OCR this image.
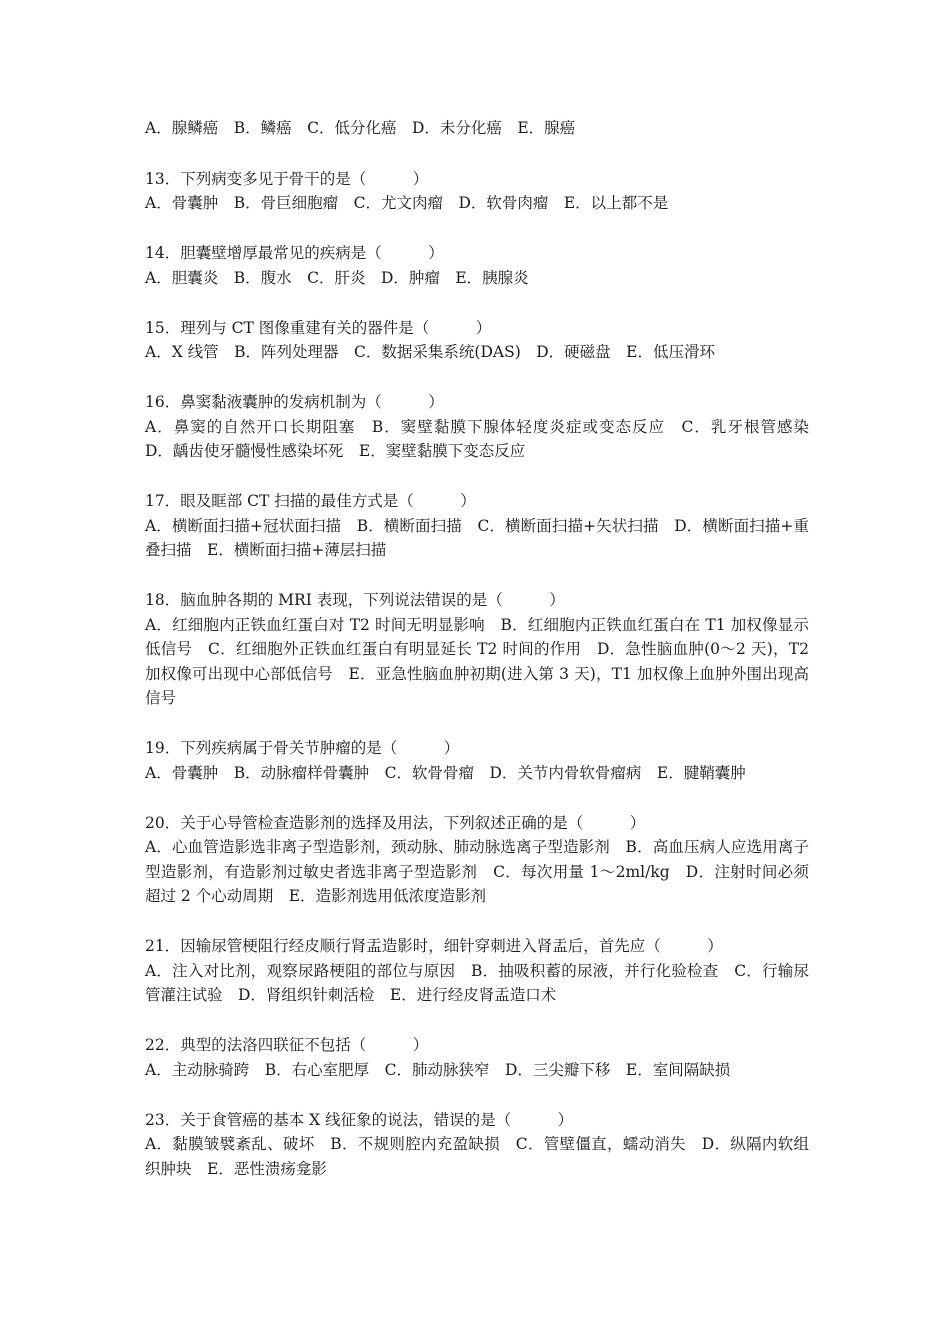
A．腺鳞癌　B．鳞癌　C．低分化癌　D．未分化癌　E．腺癌

13．下列病变多见于骨干的是（　　　）

A．骨囊肿　B．骨巨细胞瘤　C．尤文肉瘤　D．软骨肉瘤　E．以上都不是

14．胆囊壁增厚最常见的疾病是（　　　）

A．胆囊炎　B．腹水　C．肝炎　D．肿瘤　E．胰腺炎

15．理列与 CT 图像重建有关的器件是（　　　）

A．X 线管　B．阵列处理器　C．数据采集系统(DAS)　D．硬磁盘　E．低压滑环

16．鼻窦黏液囊肿的发病机制为（　　　）

A．鼻窦的自然开口长期阻塞　B．窦壁黏膜下腺体轻度炎症或变态反应　C．乳牙根管感染　D．龋齿使牙髓慢性感染坏死　E．窦壁黏膜下变态反应

17．眼及眶部 CT 扫描的最佳方式是（　　　）

A．横断面扫描+冠状面扫描　B．横断面扫描　C．横断面扫描+矢状扫描　D．横断面扫描+重叠扫描　E．横断面扫描+薄层扫描

18．脑血肿各期的 MRI 表现，下列说法错误的是（　　　）

A．红细胞内正铁血红蛋白对 T2 时间无明显影响　B．红细胞内正铁血红蛋白在 T1 加权像显示低信号　C．红细胞外正铁血红蛋白有明显延长 T2 时间的作用　D．急性脑血肿(0～2 天)，T2 加权像可出现中心部低信号　E．亚急性脑血肿初期(进入第 3 天)，T1 加权像上血肿外围出现高信号

19．下列疾病属于骨关节肿瘤的是（　　　）

A．骨囊肿　B．动脉瘤样骨囊肿　C．软骨骨瘤　D．关节内骨软骨瘤病　E．腱鞘囊肿

20．关于心导管检查造影剂的选择及用法，下列叙述正确的是（　　　）

A．心血管造影选非离子型造影剂，颈动脉、肺动脉选离子型造影剂　B．高血压病人应选用离子型造影剂，有造影剂过敏史者选非离子型造影剂　C．每次用量 1～2ml/kg　D．注射时间必须超过 2 个心动周期　E．造影剂选用低浓度造影剂

21．因输尿管梗阻行经皮顺行肾盂造影时，细针穿刺进入肾盂后，首先应（　　　）

A．注入对比剂，观察尿路梗阻的部位与原因　B．抽吸积蓄的尿液，并行化验检查　C．行输尿管灌注试验　D．肾组织针刺活检　E．进行经皮肾盂造口术

22．典型的法洛四联征不包括（　　　）

A．主动脉骑跨　B．右心室肥厚　C．肺动脉狭窄　D．三尖瓣下移　E．室间隔缺损

23．关于食管癌的基本 X 线征象的说法，错误的是（　　　）

A．黏膜皱襞紊乱、破坏　B．不规则腔内充盈缺损　C．管壁僵直，蠕动消失　D．纵隔内软组织肿块　E．恶性溃疡龛影
